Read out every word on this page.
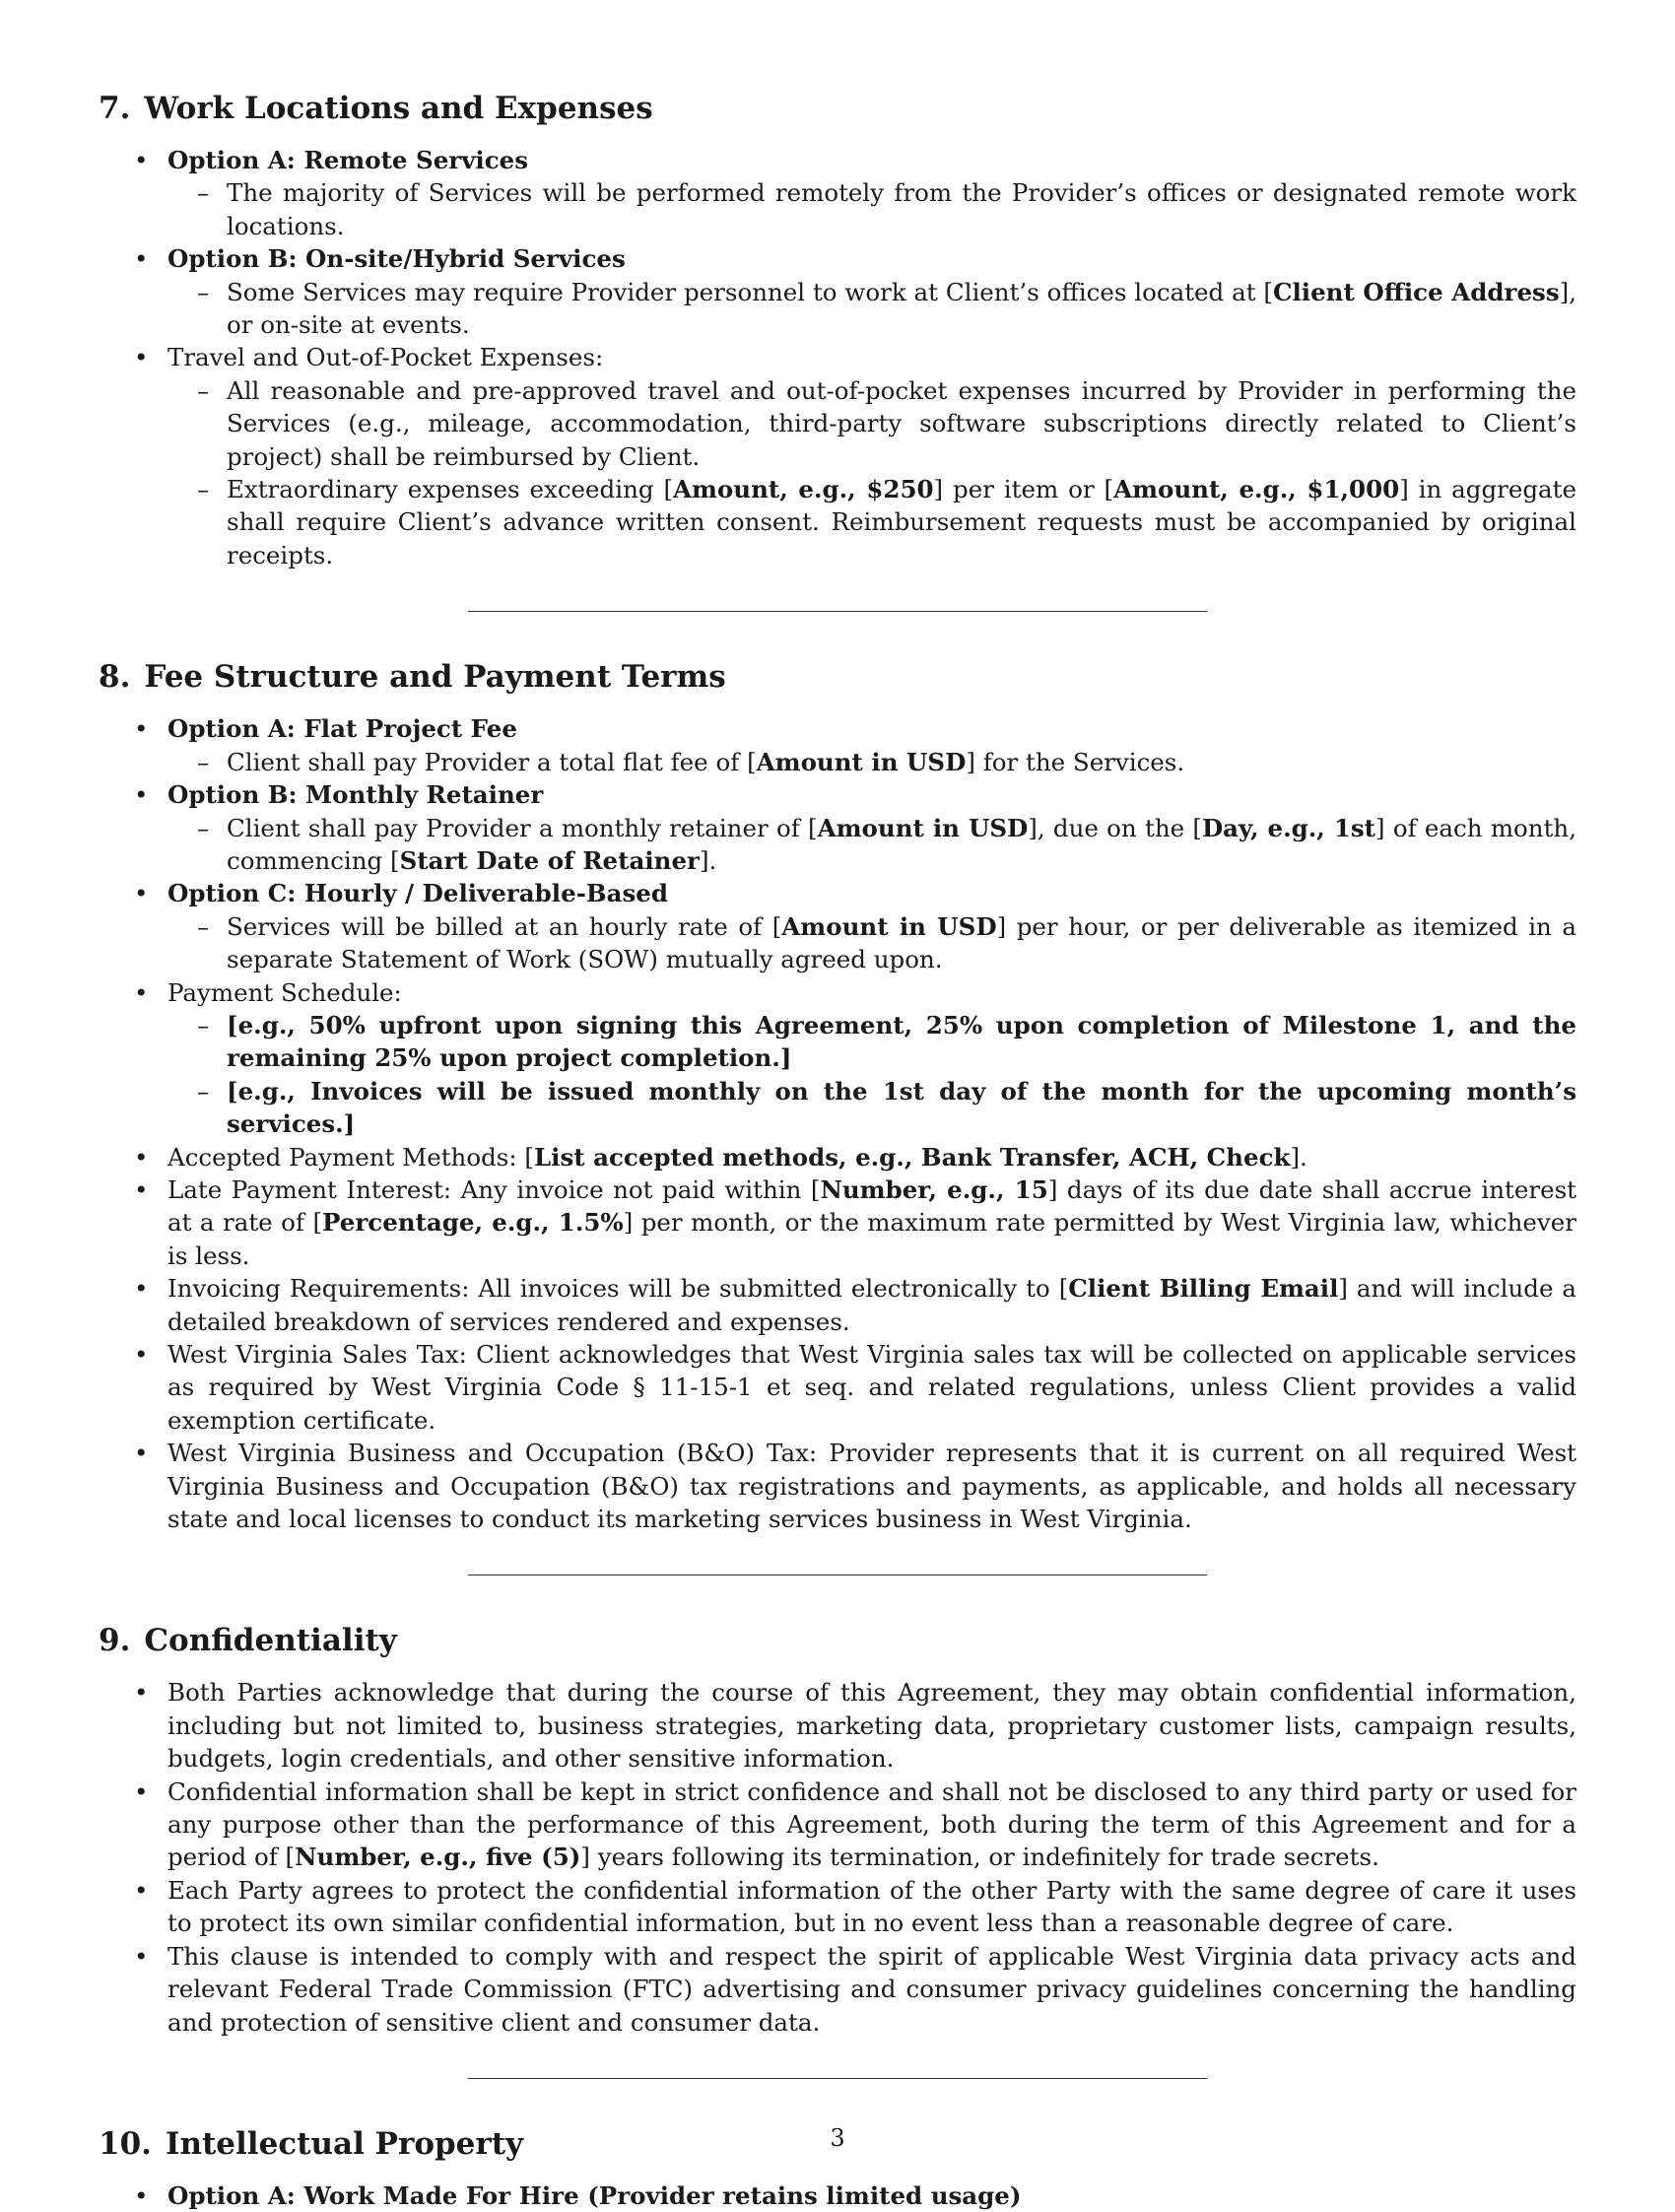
7. Work Locations and Expenses
• Option A: Remote Services
– The majority of Services will be performed remotely from the Provider’s offices or designated remote work locations.
• Option B: On-site/Hybrid Services
– Some Services may require Provider personnel to work at Client’s offices located at [Client Office Address], or on-site at events.
• Travel and Out-of-Pocket Expenses:
– All reasonable and pre-approved travel and out-of-pocket expenses incurred by Provider in performing the Services (e.g., mileage, accommodation, third-party software subscriptions directly related to Client’s project) shall be reimbursed by Client.
– Extraordinary expenses exceeding [Amount, e.g., $250] per item or [Amount, e.g., $1,000] in aggregate shall require Client’s advance written consent. Reimbursement requests must be accompanied by original receipts.
8. Fee Structure and Payment Terms
• Option A: Flat Project Fee
– Client shall pay Provider a total flat fee of [Amount in USD] for the Services.
• Option B: Monthly Retainer
– Client shall pay Provider a monthly retainer of [Amount in USD], due on the [Day, e.g., 1st] of each month, commencing [Start Date of Retainer].
• Option C: Hourly / Deliverable-Based
– Services will be billed at an hourly rate of [Amount in USD] per hour, or per deliverable as itemized in a separate Statement of Work (SOW) mutually agreed upon.
• Payment Schedule:
– [e.g., 50% upfront upon signing this Agreement, 25% upon completion of Milestone 1, and the remaining 25% upon project completion.]
– [e.g., Invoices will be issued monthly on the 1st day of the month for the upcoming month’s services.]
• Accepted Payment Methods: [List accepted methods, e.g., Bank Transfer, ACH, Check].
• Late Payment Interest: Any invoice not paid within [Number, e.g., 15] days of its due date shall accrue interest at a rate of [Percentage, e.g., 1.5%] per month, or the maximum rate permitted by West Virginia law, whichever is less.
• Invoicing Requirements: All invoices will be submitted electronically to [Client Billing Email] and will include a detailed breakdown of services rendered and expenses.
• West Virginia Sales Tax: Client acknowledges that West Virginia sales tax will be collected on applicable services as required by West Virginia Code § 11-15-1 et seq. and related regulations, unless Client provides a valid exemption certificate.
• West Virginia Business and Occupation (B&O) Tax: Provider represents that it is current on all required West Virginia Business and Occupation (B&O) tax registrations and payments, as applicable, and holds all necessary state and local licenses to conduct its marketing services business in West Virginia.
9. Confidentiality
• Both Parties acknowledge that during the course of this Agreement, they may obtain confidential information, including but not limited to, business strategies, marketing data, proprietary customer lists, campaign results, budgets, login credentials, and other sensitive information.
• Confidential information shall be kept in strict confidence and shall not be disclosed to any third party or used for any purpose other than the performance of this Agreement, both during the term of this Agreement and for a period of [Number, e.g., five (5)] years following its termination, or indefinitely for trade secrets.
• Each Party agrees to protect the confidential information of the other Party with the same degree of care it uses to protect its own similar confidential information, but in no event less than a reasonable degree of care.
• This clause is intended to comply with and respect the spirit of applicable West Virginia data privacy acts and relevant Federal Trade Commission (FTC) advertising and consumer privacy guidelines concerning the handling and protection of sensitive client and consumer data.
10. Intellectual Property
• Option A: Work Made For Hire (Provider retains limited usage)
3
